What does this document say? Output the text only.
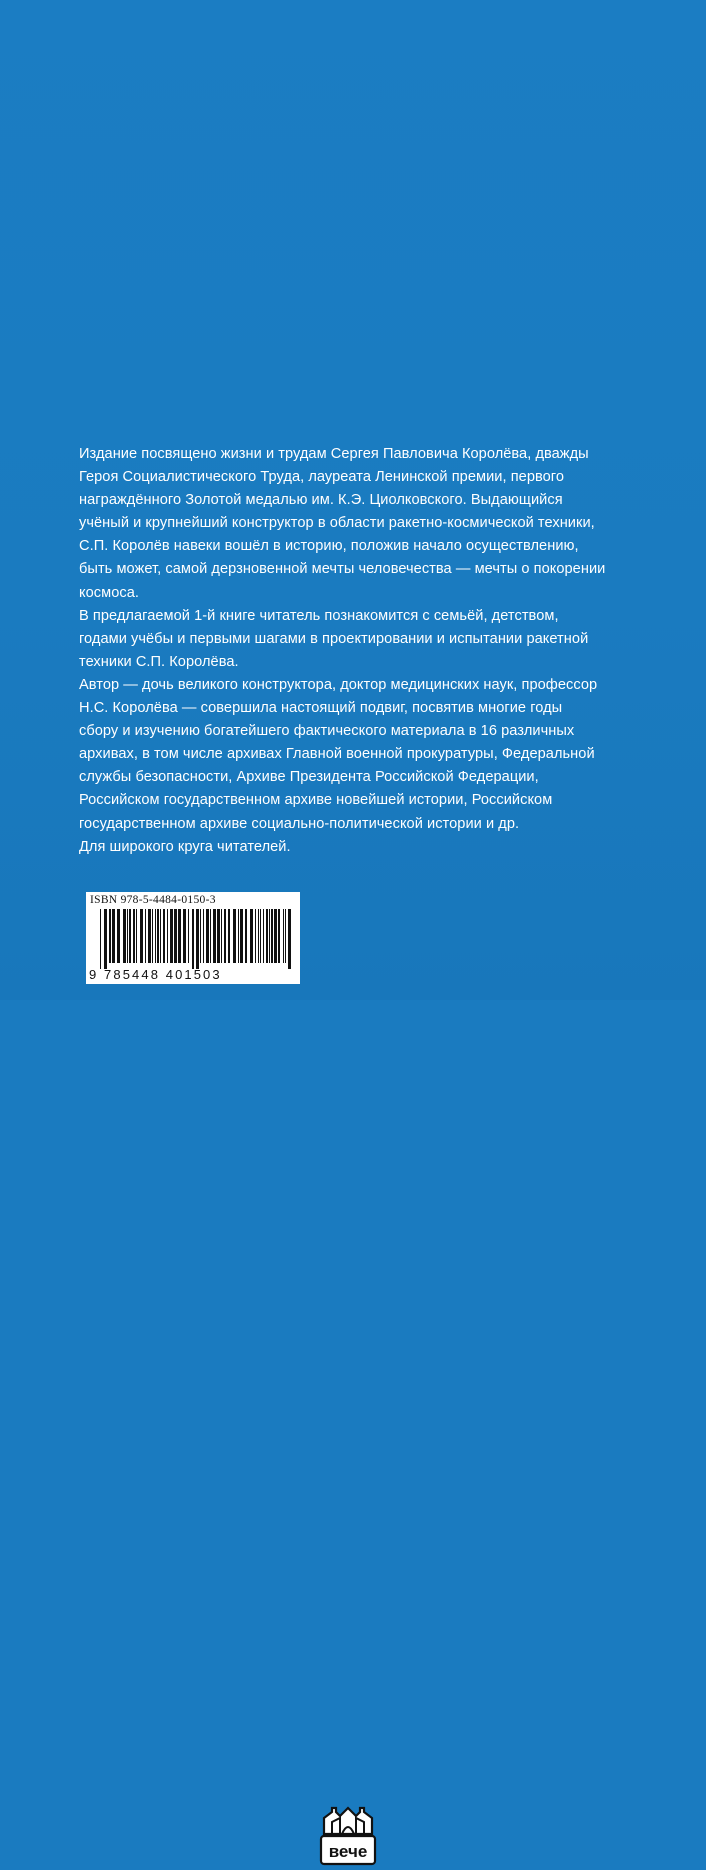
Издание посвящено жизни и трудам Сергея Павловича Королёва, дважды
Героя Социалистического Труда, лауреата Ленинской премии, первого
награждённого Золотой медалью им. К.Э. Циолковского. Выдающийся
учёный и крупнейший конструктор в области ракетно-космической техники,
С.П. Королёв навеки вошёл в историю, положив начало осуществлению,
быть может, самой дерзновенной мечты человечества — мечты о покорении
космоса.

В предлагаемой 1-й книге читатель познакомится с семьёй, детством,
годами учёбы и первыми шагами в проектировании и испытании ракетной
техники С.П. Королёва.

Автор — дочь великого конструктора, доктор медицинских наук, профессор
Н.С. Королёва — совершила настоящий подвиг, посвятив многие годы
сбору и изучению богатейшего фактического материала в 16 различных
архивах, в том числе архивах Главной военной прокуратуры, Федеральной
службы безопасности, Архиве Президента Российской Федерации,
Российском государственном архиве новейшей истории, Российском
государственном архиве социально-политической истории и др.

Для широкого круга читателей.

ISBN 978-5-4484-0150-3
9 785448 401503
вече
